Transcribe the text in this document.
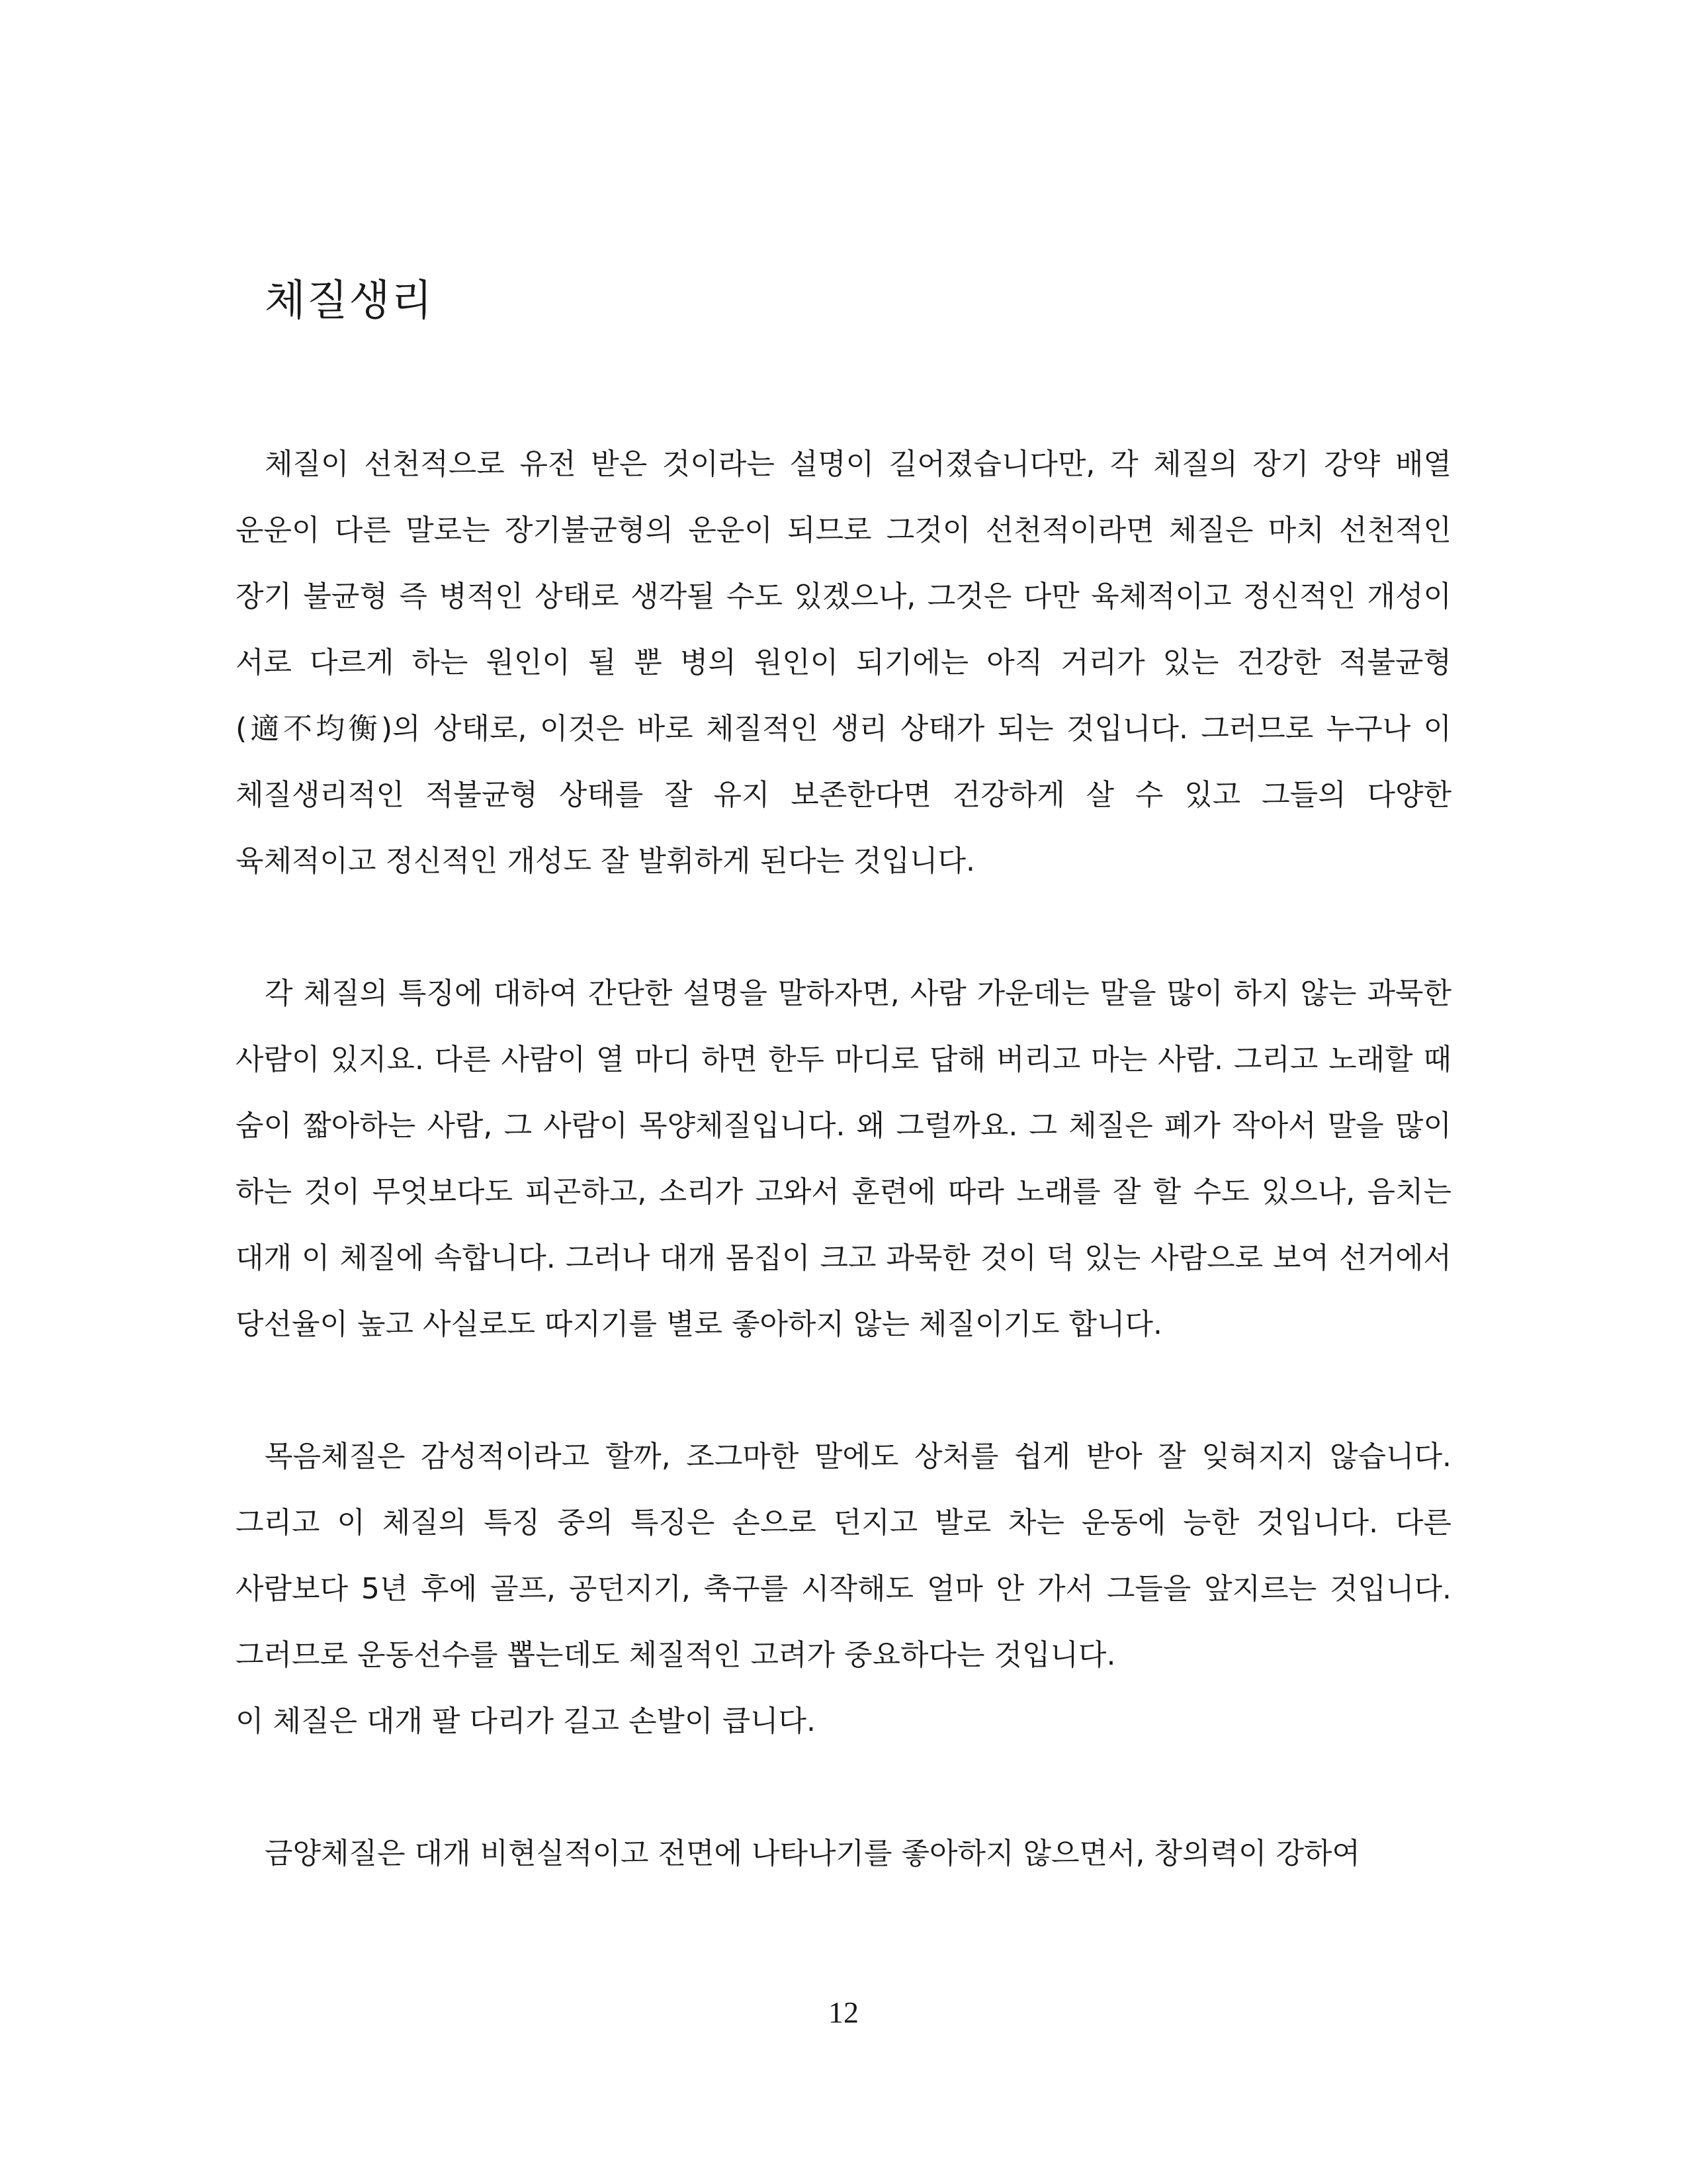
체질생리

체질이 선천적으로 유전 받은 것이라는 설명이 길어졌습니다만, 각 체질의 장기 강약 배열 운운이 다른 말로는 장기불균형의 운운이 되므로 그것이 선천적이라면 체질은 마치 선천적인 장기 불균형 즉 병적인 상태로 생각될 수도 있겠으나, 그것은 다만 육체적이고 정신적인 개성이 서로 다르게 하는 원인이 될 뿐 병의 원인이 되기에는 아직 거리가 있는 건강한 적불균형(適不均衡)의 상태로, 이것은 바로 체질적인 생리 상태가 되는 것입니다. 그러므로 누구나 이 체질생리적인 적불균형 상태를 잘 유지 보존한다면 건강하게 살 수 있고 그들의 다양한 육체적이고 정신적인 개성도 잘 발휘하게 된다는 것입니다.

각 체질의 특징에 대하여 간단한 설명을 말하자면, 사람 가운데는 말을 많이 하지 않는 과묵한 사람이 있지요. 다른 사람이 열 마디 하면 한두 마디로 답해 버리고 마는 사람. 그리고 노래할 때 숨이 짧아하는 사람, 그 사람이 목양체질입니다. 왜 그럴까요. 그 체질은 폐가 작아서 말을 많이 하는 것이 무엇보다도 피곤하고, 소리가 고와서 훈련에 따라 노래를 잘 할 수도 있으나, 음치는 대개 이 체질에 속합니다. 그러나 대개 몸집이 크고 과묵한 것이 덕 있는 사람으로 보여 선거에서 당선율이 높고 사실로도 따지기를 별로 좋아하지 않는 체질이기도 합니다.

목음체질은 감성적이라고 할까, 조그마한 말에도 상처를 쉽게 받아 잘 잊혀지지 않습니다. 그리고 이 체질의 특징 중의 특징은 손으로 던지고 발로 차는 운동에 능한 것입니다. 다른 사람보다 5년 후에 골프, 공던지기, 축구를 시작해도 얼마 안 가서 그들을 앞지르는 것입니다. 그러므로 운동선수를 뽑는데도 체질적인 고려가 중요하다는 것입니다.

이 체질은 대개 팔 다리가 길고 손발이 큽니다.

금양체질은 대개 비현실적이고 전면에 나타나기를 좋아하지 않으면서, 창의력이 강하여

12
